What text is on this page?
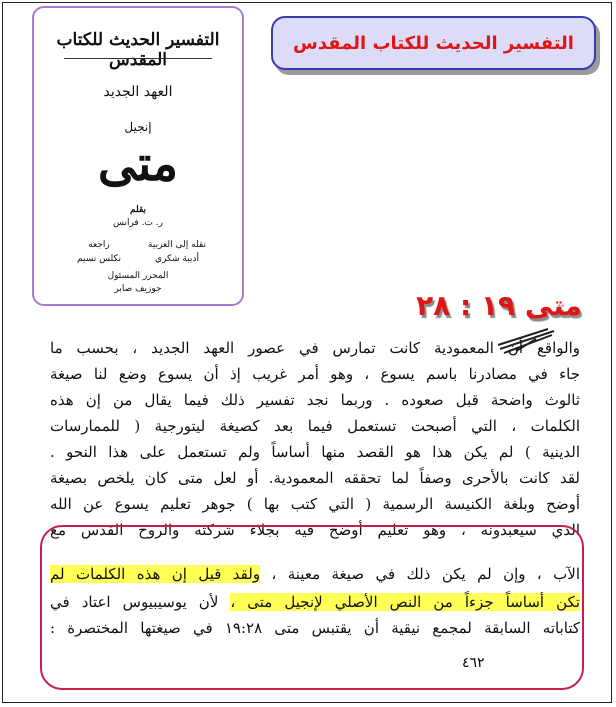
التفسير الحديث للكتاب المقدس
العهد الجديد
إنجيل
متى
بقلم
ر. ت. فرانس
نقله إلى العربية
أديبة شكري
راجعه
نكلس نسيم
المحرر المسئول
جوزيف صابر
التفسير الحديث للكتاب المقدس
متى ١٩ : ٢٨
والواقع أن المعمودية كانت تمارس في عصور العهد الجديد ، بحسب ما
جاء في مصادرنا باسم يسوع ، وهو أمر غريب إذ أن يسوع وضع لنا صيغة
ثالوث واضحة قبل صعوده . وربما نجد تفسير ذلك فيما يقال من إن هذه
الكلمات ، التي أصبحت تستعمل فيما بعد كصيغة ليتورجية ( للممارسات
الدينية ) لم يكن هذا هو القصد منها أساساً ولم تستعمل على هذا النحو .
لقد كانت بالأحرى وصفاً لما تحققه المعمودية. أو لعل متى كان يلخص بصيغة
أوضح وبلغة الكنيسة الرسمية ( التي كتب بها ) جوهر تعليم يسوع عن الله
الذي سيعبدونه ، وهو تعليم أوضح فيه بجلاء شركته والروح القدس مع
الآب ، وإن لم يكن ذلك في صيغة معينة ، ولقد قيل إن هذه الكلمات لم
تكن أساساً جزءاً من النص الأصلي لإنجيل متى ، لأن يوسيبيوس اعتاد في
كتاباته السابقة لمجمع نيقية أن يقتبس متى ١٩:٢٨ في صيغتها المختصرة :
٤٦٢
